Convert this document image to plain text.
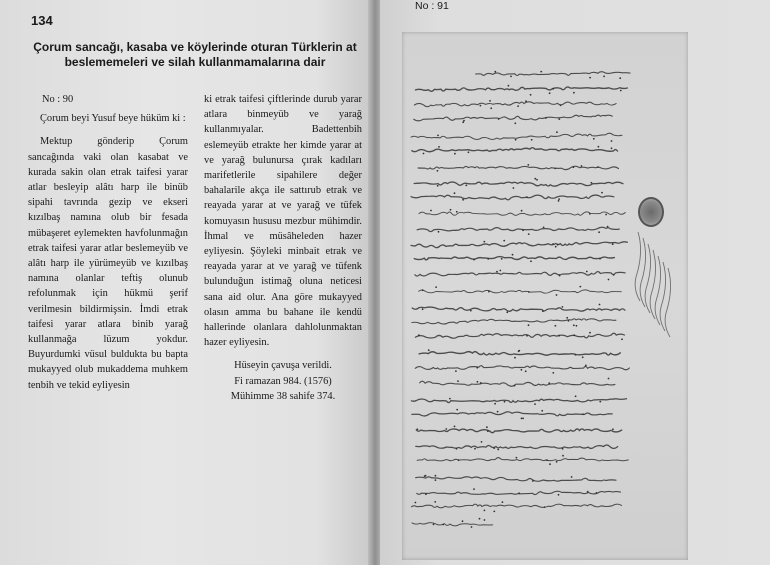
134
Çorum sancağı, kasaba ve köylerinde oturan Türklerin at beslememeleri ve silah kullanmamalarına dair

No : 90

Çorum beyi Yusuf beye hüküm ki :

Mektup gönderip Çorum sancağında vaki olan kasabat ve kurada sakin olan etrak taifesi yarar atlar besleyip alâtı harp ile binüb sipahi tavrında gezip ve ekseri kızılbaş namına olub bir fesada mübaşeret eylemekten havfolunmağın etrak taifesi yarar atlar beslemeyüb ve alâtı harp ile yürümeyüb ve kızılbaş namına olanlar teftiş olunub refolunmak için hükmü şerif verilmesin bildirmişsin. İmdi etrak taifesi yarar atlara binib yarağ kullanmağa lüzum yokdur. Buyurdumki vüsul buldukta bu bapta mukayyed olub mukaddema muhkem tenbih ve tekid eyliyesin

ki etrak taifesi çiftlerinde durub yarar atlara binmeyüb ve yarağ kullanmıyalar. Badettenbih eslemeyüb etrakte her kimde yarar at ve yarağ bulunursa çırak kadıları marifetlerile sipahilere değer bahalarile akça ile sattırub etrak ve reayada yarar at ve yarağ ve tüfek komuyasın hususu mezbur mühimdir. İhmal ve müsâheleden hazer eyliyesin. Şöyleki minbait etrak ve reayada yarar at ve yarağ ve tüfenk bulunduğun istimağ oluna neticesi sana aid olur. Ana göre mukayyed olasın amma bu bahane ile kendü hallerinde olanlara dahlolunmaktan hazer eyliyesin.

Hüseyin çavuşa verildi.

Fi ramazan 984. (1576)

Mühimme 38 sahife 374.

No : 91
